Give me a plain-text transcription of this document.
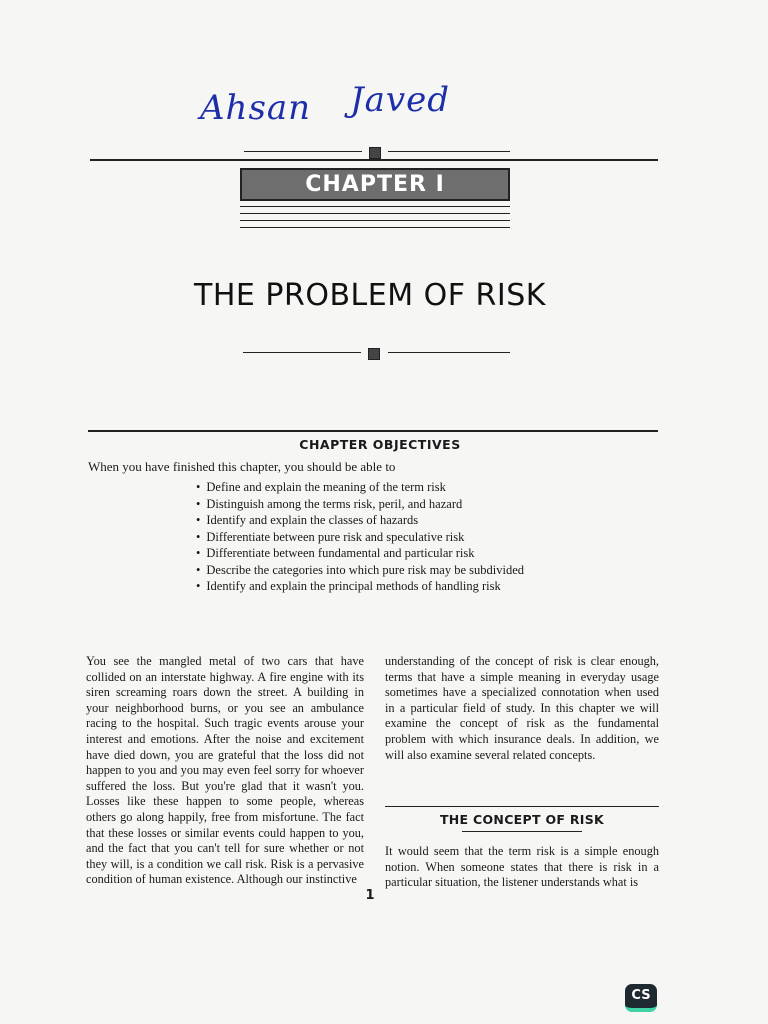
Ahsan Javed
CHAPTER I
THE PROBLEM OF RISK
CHAPTER OBJECTIVES
When you have finished this chapter, you should be able to
• Define and explain the meaning of the term risk
• Distinguish among the terms risk, peril, and hazard
• Identify and explain the classes of hazards
• Differentiate between pure risk and speculative risk
• Differentiate between fundamental and particular risk
• Describe the categories into which pure risk may be subdivided
• Identify and explain the principal methods of handling risk

You see the mangled metal of two cars that have collided on an interstate highway. A fire engine with its siren screaming roars down the street. A building in your neighborhood burns, or you see an ambulance racing to the hospital. Such tragic events arouse your interest and emotions. After the noise and excitement have died down, you are grateful that the loss did not happen to you and you may even feel sorry for whoever suffered the loss. But you're glad that it wasn't you. Losses like these happen to some people, whereas others go along happily, free from misfortune. The fact that these losses or similar events could happen to you, and the fact that you can't tell for sure whether or not they will, is a condition we call risk. Risk is a pervasive condition of human existence. Although our instinctive

understanding of the concept of risk is clear enough, terms that have a simple meaning in everyday usage sometimes have a specialized connotation when used in a particular field of study. In this chapter we will examine the concept of risk as the fundamental problem with which insurance deals. In addition, we will also examine several related concepts.

THE CONCEPT OF RISK

It would seem that the term risk is a simple enough notion. When someone states that there is risk in a particular situation, the listener understands what is

1
CS
